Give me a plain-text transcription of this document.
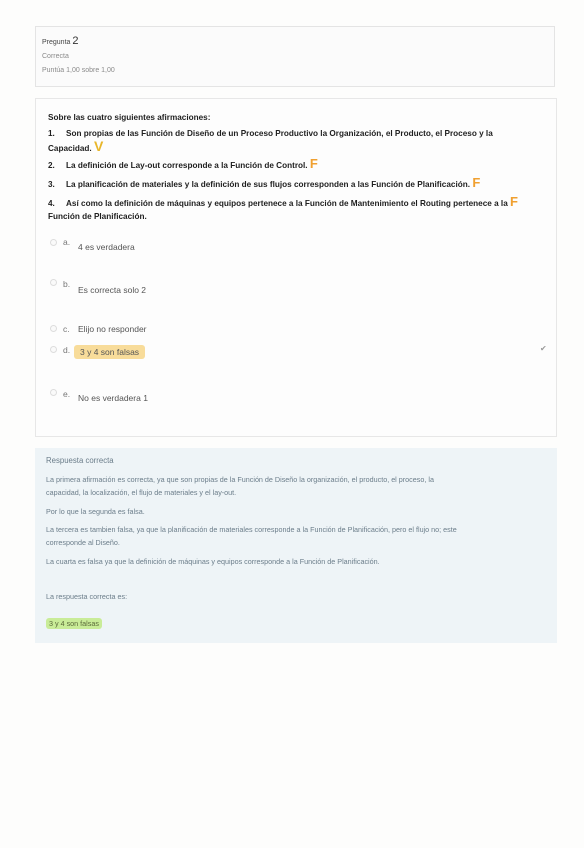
Pregunta 2
Correcta
Puntúa 1,00 sobre 1,00
Sobre las cuatro siguientes afirmaciones:
1. Son propias de las Función de Diseño de un Proceso Productivo la Organización, el Producto, el Proceso y la
Capacidad. V
2. La definición de Lay-out corresponde a la Función de Control. F
3. La planificación de materiales y la definición de sus flujos corresponden a las Función de Planificación. F
4. Así como la definición de máquinas y equipos pertenece a la Función de Mantenimiento el Routing pertenece a la F
Función de Planificación.
a. 4 es verdadera
b.
Es correcta solo 2
c. Elijo no responder
d.	3 y 4 son falsas	✔
e. No es verdadera 1
Respuesta correcta
La primera afirmación es correcta, ya que son propias de la Función de Diseño la organización, el producto, el proceso, la
capacidad, la localización, el flujo de materiales y el lay-out.
Por lo que la segunda es falsa.
La tercera es tambien falsa, ya que la planificación de materiales corresponde a la Función de Planificación, pero el flujo no; este
corresponde al Diseño.
La cuarta es falsa ya que la definición de máquinas y equipos corresponde a la Función de Planificación.
La respuesta correcta es:
3 y 4 son falsas
